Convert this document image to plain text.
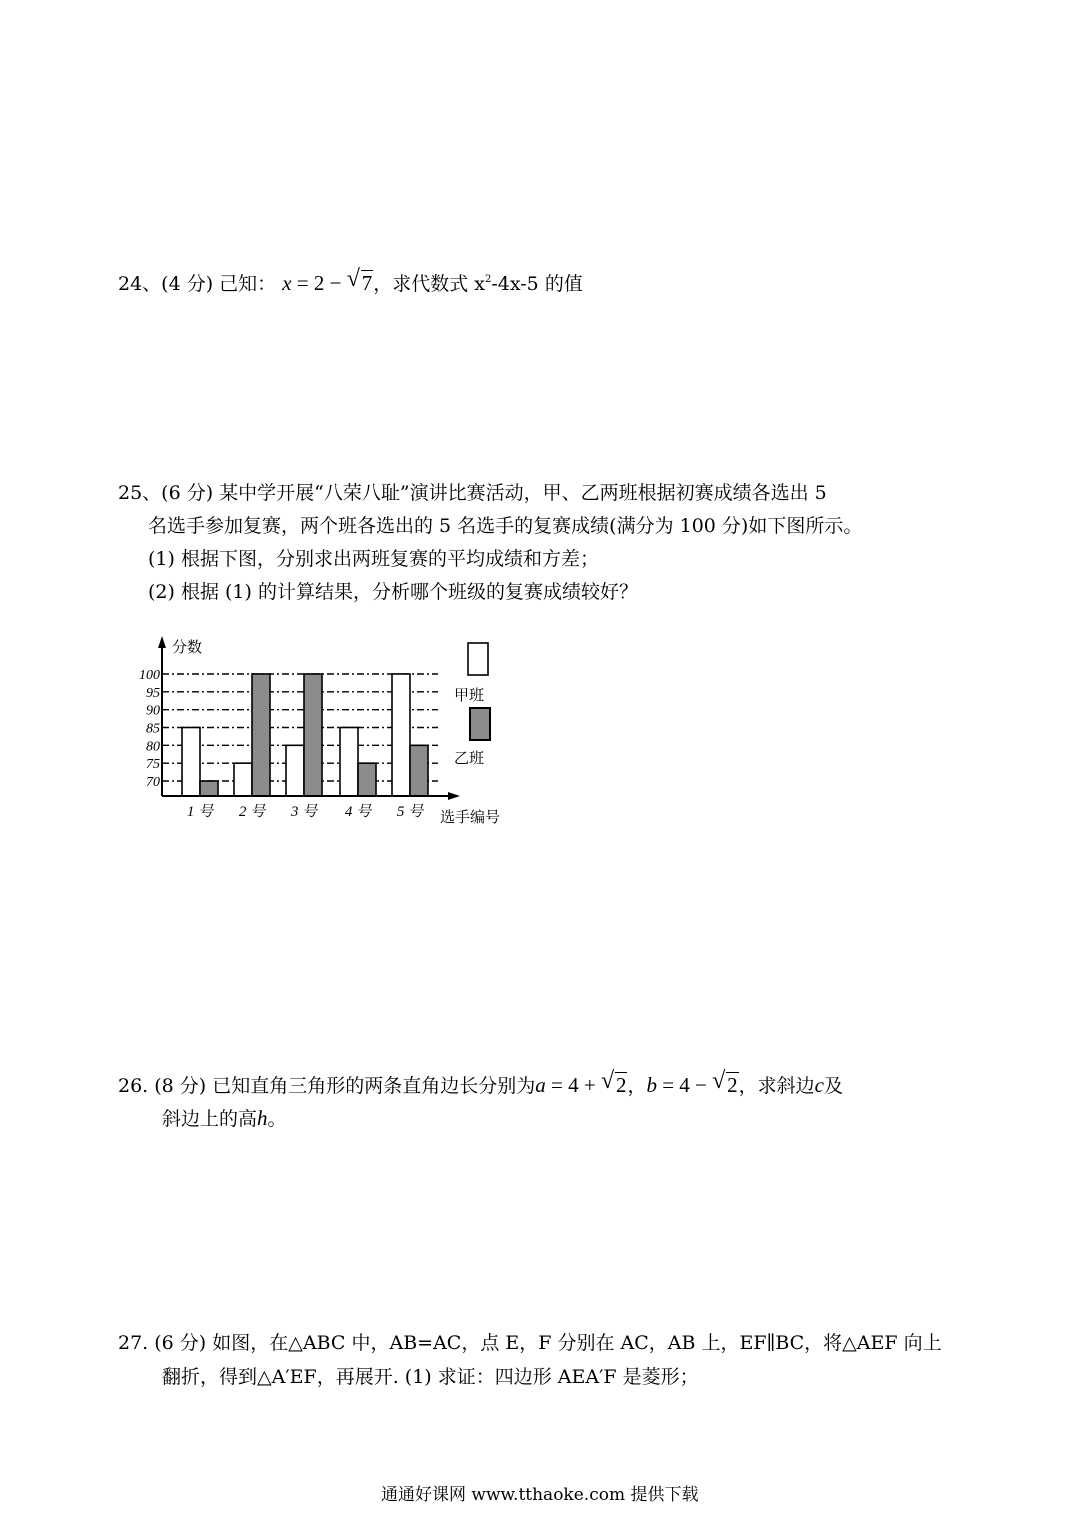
24、(4 分) 己知： x = 2 − √ 7，求代数式 $x^2-4x-5$ 的值
25、(6 分) 某中学开展“八荣八耻”演讲比赛活动，甲、乙两班根据初赛成绩各选出 5
名选手参加复赛，两个班各选出的 5 名选手的复赛成绩(满分为 100 分)如下图所示。
(1) 根据下图，分别求出两班复赛的平均成绩和方差；
(2) 根据 (1) 的计算结果，分析哪个班级的复赛成绩较好？
70
75
80
85
90
95
100
分数
选手编号
1 号 2 号 3 号 4 号 5 号
甲班
乙班
26. (8 分) 已知直角三角形的两条直角边长分别为a = 4 + √ 2，b = 4 − √ 2，求斜边c及
斜边上的高h。
27. (6 分) 如图，在△ABC 中，AB=AC，点 E，F 分别在 AC，AB 上，EF∥BC，将△AEF 向上
翻折，得到△A′EF，再展开. (1) 求证：四边形 AEA′F 是菱形；
通通好课网 www.tthaoke.com 提供下载
